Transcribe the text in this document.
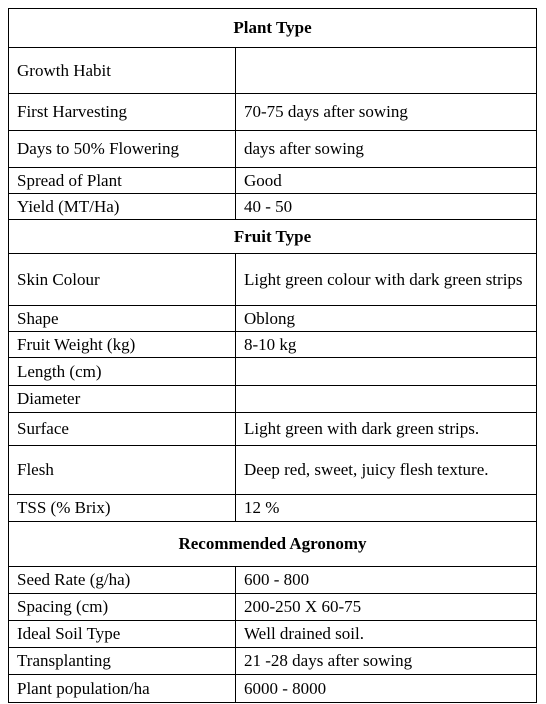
Plant Type	
Growth Habit	
First Harvesting	70-75 days after sowing
Days to 50% Flowering	days after sowing
Spread of Plant	Good
Yield (MT/Ha)	40 - 50
Fruit Type	
Skin Colour	Light green colour with dark green strips
Shape	Oblong
Fruit Weight (kg)	8-10 kg
Length (cm)	
Diameter	
Surface	Light green with dark green strips.
Flesh	Deep red, sweet, juicy flesh texture.
TSS (% Brix)	12 %
Recommended Agronomy	
Seed Rate (g/ha)	600 - 800
Spacing (cm)	200-250 X 60-75
Ideal Soil Type	Well drained soil.
Transplanting	21 -28 days after sowing
Plant population/ha	6000 - 8000
